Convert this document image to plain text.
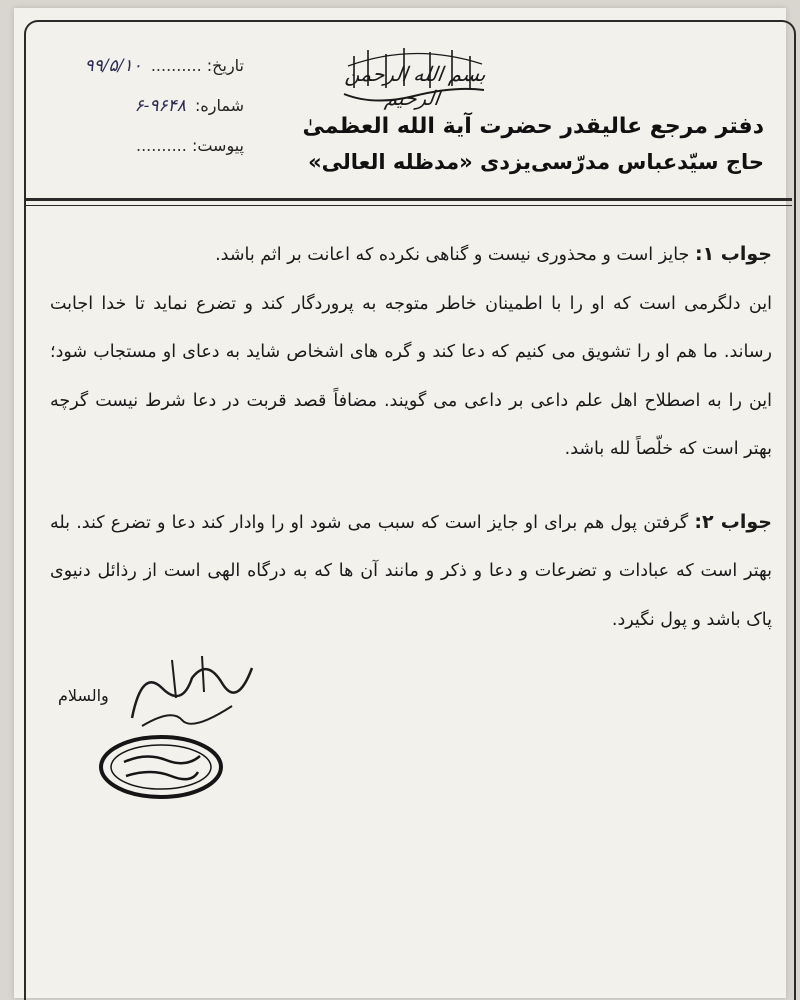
بسم الله الرحمن الرحیم
تاریخ: .......... ۹۹/۵/۱۰
شماره: ۹۶۴۸-۶
پیوست: ..........
دفتر مرجع عالیقدر حضرت آیة الله العظمیٰ
حاج سیّدعباس مدرّسی‌یزدی «مدظله العالی»

جواب ۱: جایز است و محذوری نیست و گناهی نکرده که اعانت بر اثم باشد.

این دلگرمی است که او را با اطمینان خاطر متوجه به پروردگار کند و تضرع نماید تا خدا اجابت رساند. ما هم او را تشویق می کنیم که دعا کند و گره های اشخاص شاید به دعای او مستجاب شود؛ این را به اصطلاح اهل علم داعی بر داعی می گویند. مضافاً قصد قربت در دعا شرط نیست گرچه بهتر است که خلّصاً لله باشد.

جواب ۲: گرفتن پول هم برای او جایز است که سبب می شود او را وادار کند دعا و تضرع کند. بله بهتر است که عبادات و تضرعات و دعا و ذکر و مانند آن ها که به درگاه الهی است از رذائل دنیوی پاک باشد و پول نگیرد.

والسلام
